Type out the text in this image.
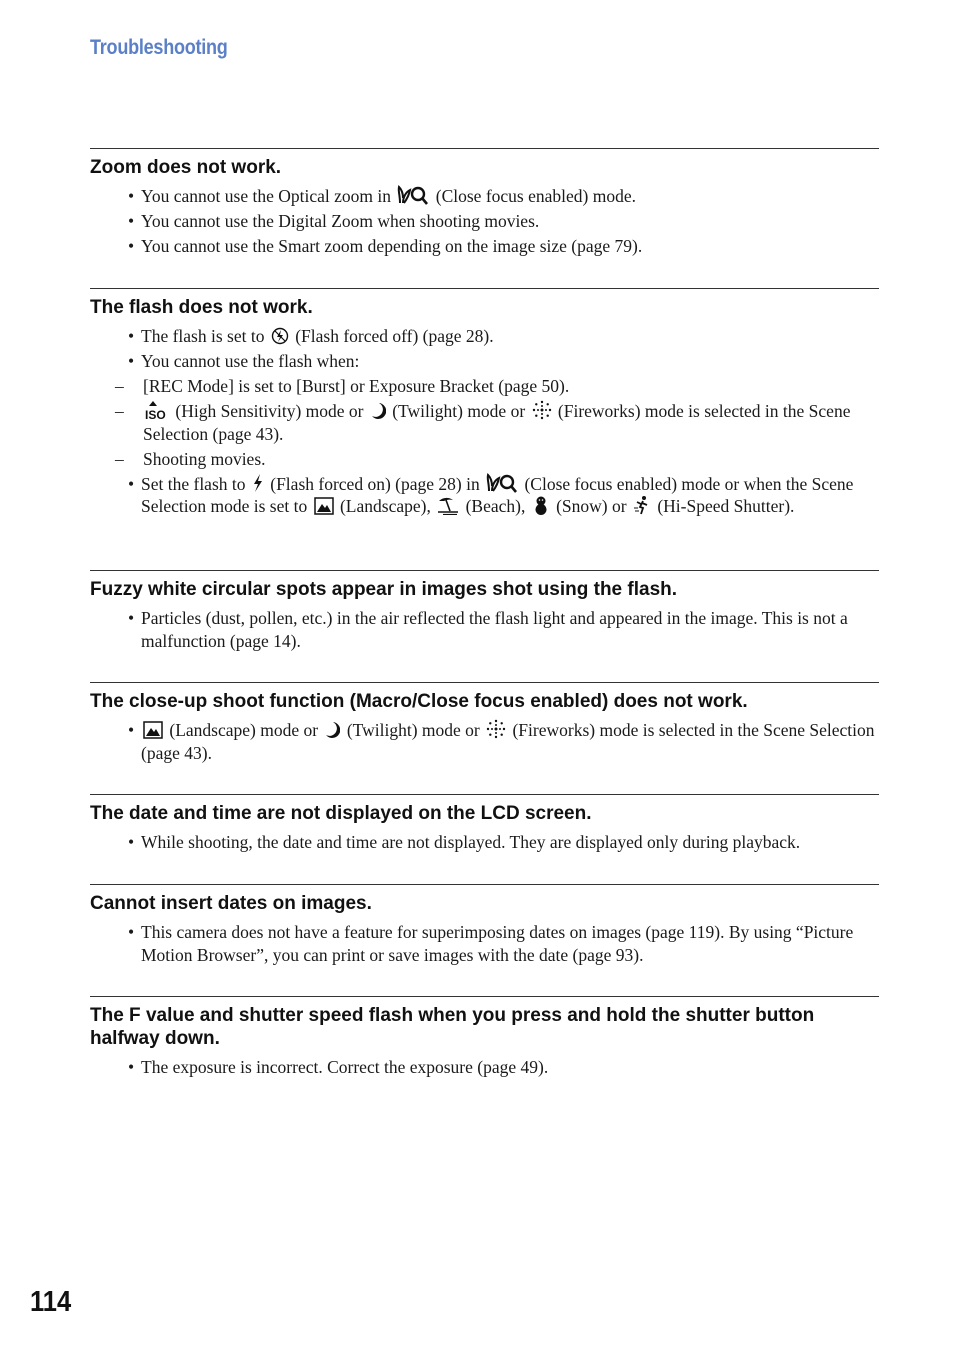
Troubleshooting
Zoom does not work.
• You cannot use the Optical zoom in	(Close focus enabled) mode.
• You cannot use the Digital Zoom when shooting movies.
• You cannot use the Smart zoom depending on the image size (page 79).
The flash does not work.
• The flash is set to (Flash forced off) (page 28).
• You cannot use the flash when:
– [REC Mode] is set to [Burst] or Exposure Bracket (page 50).
– ISO (High Sensitivity) mode or (Twilight) mode or (Fireworks) mode is selected in the Scene Selection (page 43).
– Shooting movies.
• Set the flash to (Flash forced on) (page 28) in	(Close focus enabled) mode or when the Scene Selection mode is set to (Landscape), (Beach), (Snow) or (Hi-Speed Shutter).
Fuzzy white circular spots appear in images shot using the flash.
• Particles (dust, pollen, etc.) in the air reflected the flash light and appeared in the image. This is not a malfunction (page 14).
The close-up shoot function (Macro/Close focus enabled) does not work.
• (Landscape) mode or (Twilight) mode or (Fireworks) mode is selected in the Scene Selection (page 43).
The date and time are not displayed on the LCD screen.
• While shooting, the date and time are not displayed. They are displayed only during playback.
Cannot insert dates on images.
• This camera does not have a feature for superimposing dates on images (page 119). By using “Picture Motion Browser”, you can print or save images with the date (page 93).
The F value and shutter speed flash when you press and hold the shutter button halfway down.
• The exposure is incorrect. Correct the exposure (page 49).
114
